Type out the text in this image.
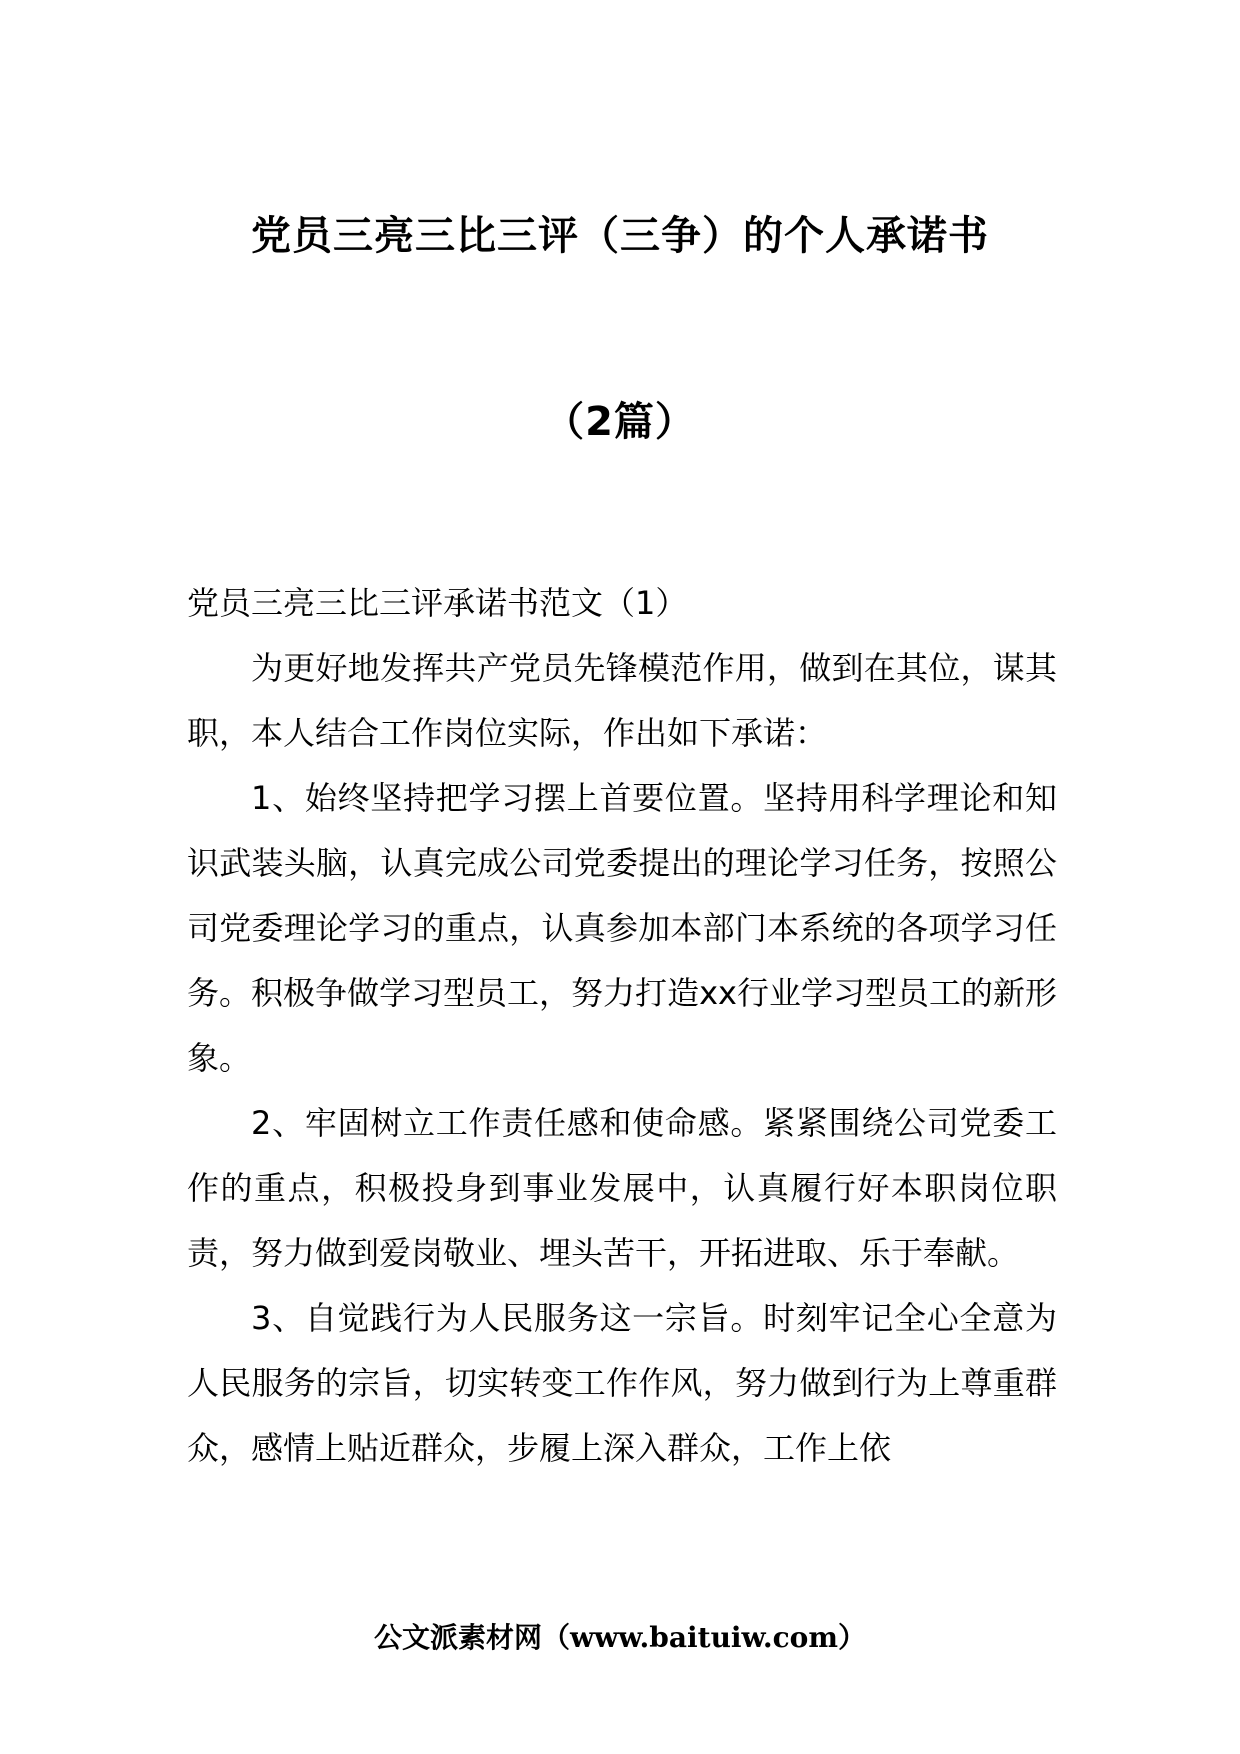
党员三亮三比三评（三争）的个人承诺书
（2篇）

党员三亮三比三评承诺书范文（1）

为更好地发挥共产党员先锋模范作用，做到在其位，谋其职，本人结合工作岗位实际，作出如下承诺：

1、始终坚持把学习摆上首要位置。坚持用科学理论和知识武装头脑，认真完成公司党委提出的理论学习任务，按照公司党委理论学习的重点，认真参加本部门本系统的各项学习任务。积极争做学习型员工，努力打造xx行业学习型员工的新形象。

2、牢固树立工作责任感和使命感。紧紧围绕公司党委工作的重点，积极投身到事业发展中，认真履行好本职岗位职责，努力做到爱岗敬业、埋头苦干，开拓进取、乐于奉献。

3、自觉践行为人民服务这一宗旨。时刻牢记全心全意为人民服务的宗旨，切实转变工作作风，努力做到行为上尊重群众，感情上贴近群众，步履上深入群众，工作上依

公文派素材网（www.baituiw.com）
